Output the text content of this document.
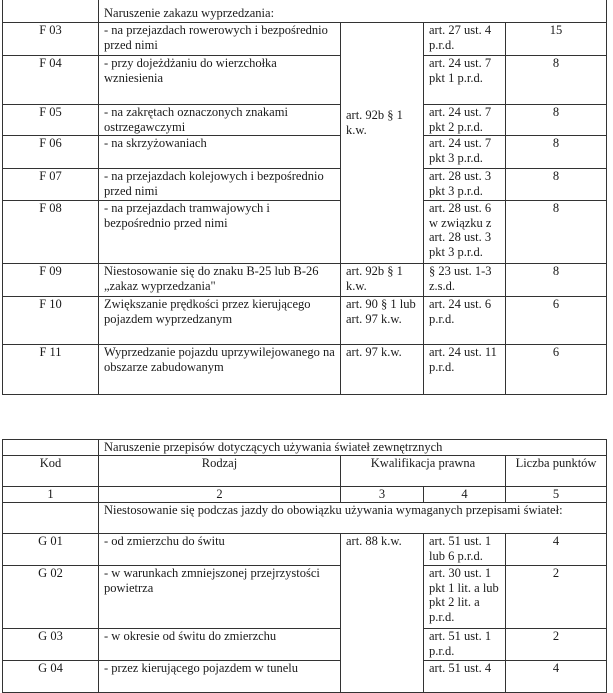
	Naruszenie zakazu wyprzedzania:			
F 03	- na przejazdach rowerowych i bezpośrednio przed nimi	art. 92b § 1 k.w.	art. 27 ust. 4 p.r.d.	15
F 04	- przy dojeżdżaniu do wierzchołka wzniesienia		art. 24 ust. 7 pkt 1 p.r.d.	8
F 05	- na zakrętach oznaczonych znakami ostrzegawczymi		art. 24 ust. 7 pkt 2 p.r.d.	8
F 06	- na skrzyżowaniach		art. 24 ust. 7 pkt 3 p.r.d.	8
F 07	- na przejazdach kolejowych i bezpośrednio przed nimi		art. 28 ust. 3 pkt 3 p.r.d.	8
F 08	- na przejazdach tramwajowych i bezpośrednio przed nimi		art. 28 ust. 6 w związku z art. 28 ust. 3 pkt 3 p.r.d.	8
F 09	Niestosowanie się do znaku B-25 lub B-26 „zakaz wyprzedzania"	art. 92b § 1 k.w.	§ 23 ust. 1-3 z.s.d.	8
F 10	Zwiększanie prędkości przez kierującego pojazdem wyprzedzanym	art. 90 § 1 lub art. 97 k.w.	art. 24 ust. 6 p.r.d.	6
F 11	Wyprzedzanie pojazdu uprzywilejowanego na obszarze zabudowanym	art. 97 k.w.	art. 24 ust. 11 p.r.d.	6
	Naruszenie przepisów dotyczących używania świateł zewnętrznych			
Kod	Rodzaj	Kwalifikacja prawna		Liczba punktów
1	2	3	4	5

	Niestosowanie się podczas jazdy do obowiązku używania wymaganych przepisami świateł:			

G 01	- od zmierzchu do świtu	art. 88 k.w.	art. 51 ust. 1 lub 6 p.r.d.	4
G 02	- w warunkach zmniejszonej przejrzystości powietrza		art. 30 ust. 1 pkt 1 lit. a lub pkt 2 lit. a p.r.d.	2
G 03	- w okresie od świtu do zmierzchu		art. 51 ust. 1 p.r.d.	2
G 04	- przez kierującego pojazdem w tunelu		art. 51 ust. 4	4
